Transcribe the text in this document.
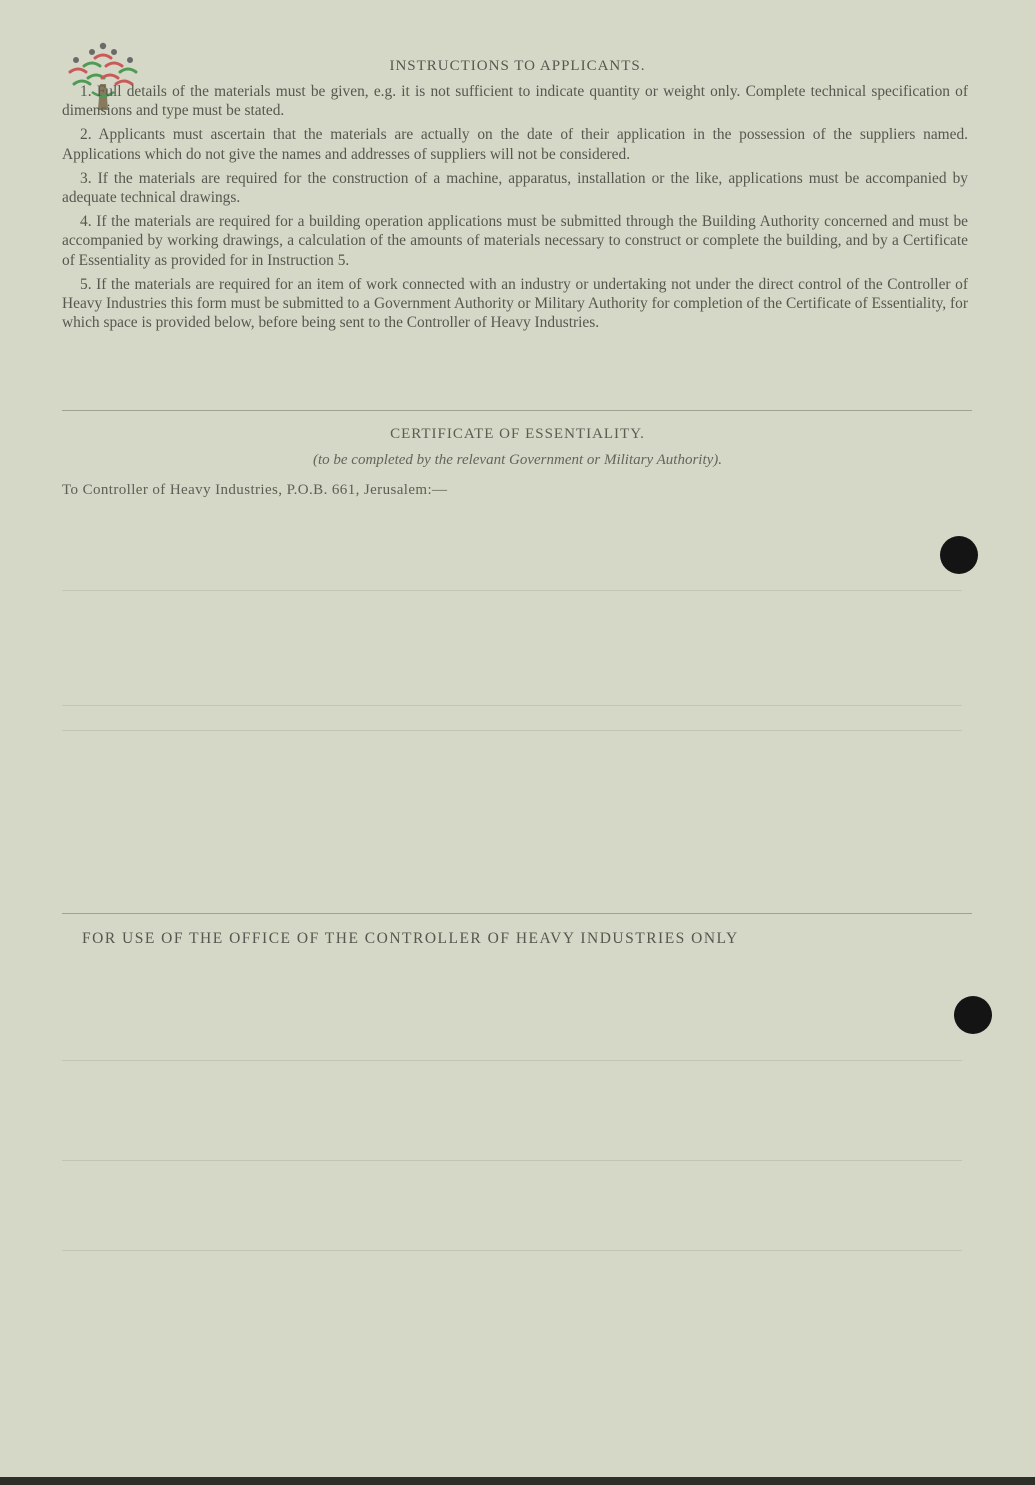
INSTRUCTIONS TO APPLICANTS.

1. Full details of the materials must be given, e.g. it is not sufficient to indicate quantity or weight only. Complete technical specification of dimensions and type must be stated.

2. Applicants must ascertain that the materials are actually on the date of their application in the possession of the suppliers named. Applications which do not give the names and addresses of suppliers will not be considered.

3. If the materials are required for the construction of a machine, apparatus, installation or the like, applications must be accompanied by adequate technical drawings.

4. If the materials are required for a building operation applications must be submitted through the Building Authority concerned and must be accompanied by working drawings, a calculation of the amounts of materials necessary to construct or complete the building, and by a Certificate of Essentiality as provided for in Instruction 5.

5. If the materials are required for an item of work connected with an industry or undertaking not under the direct control of the Controller of Heavy Industries this form must be submitted to a Government Authority or Military Authority for completion of the Certificate of Essentiality, for which space is provided below, before being sent to the Controller of Heavy Industries.

CERTIFICATE OF ESSENTIALITY.
(to be completed by the relevant Government or Military Authority).
To Controller of Heavy Industries, P.O.B. 661, Jerusalem:—
FOR USE OF THE OFFICE OF THE CONTROLLER OF HEAVY INDUSTRIES ONLY
